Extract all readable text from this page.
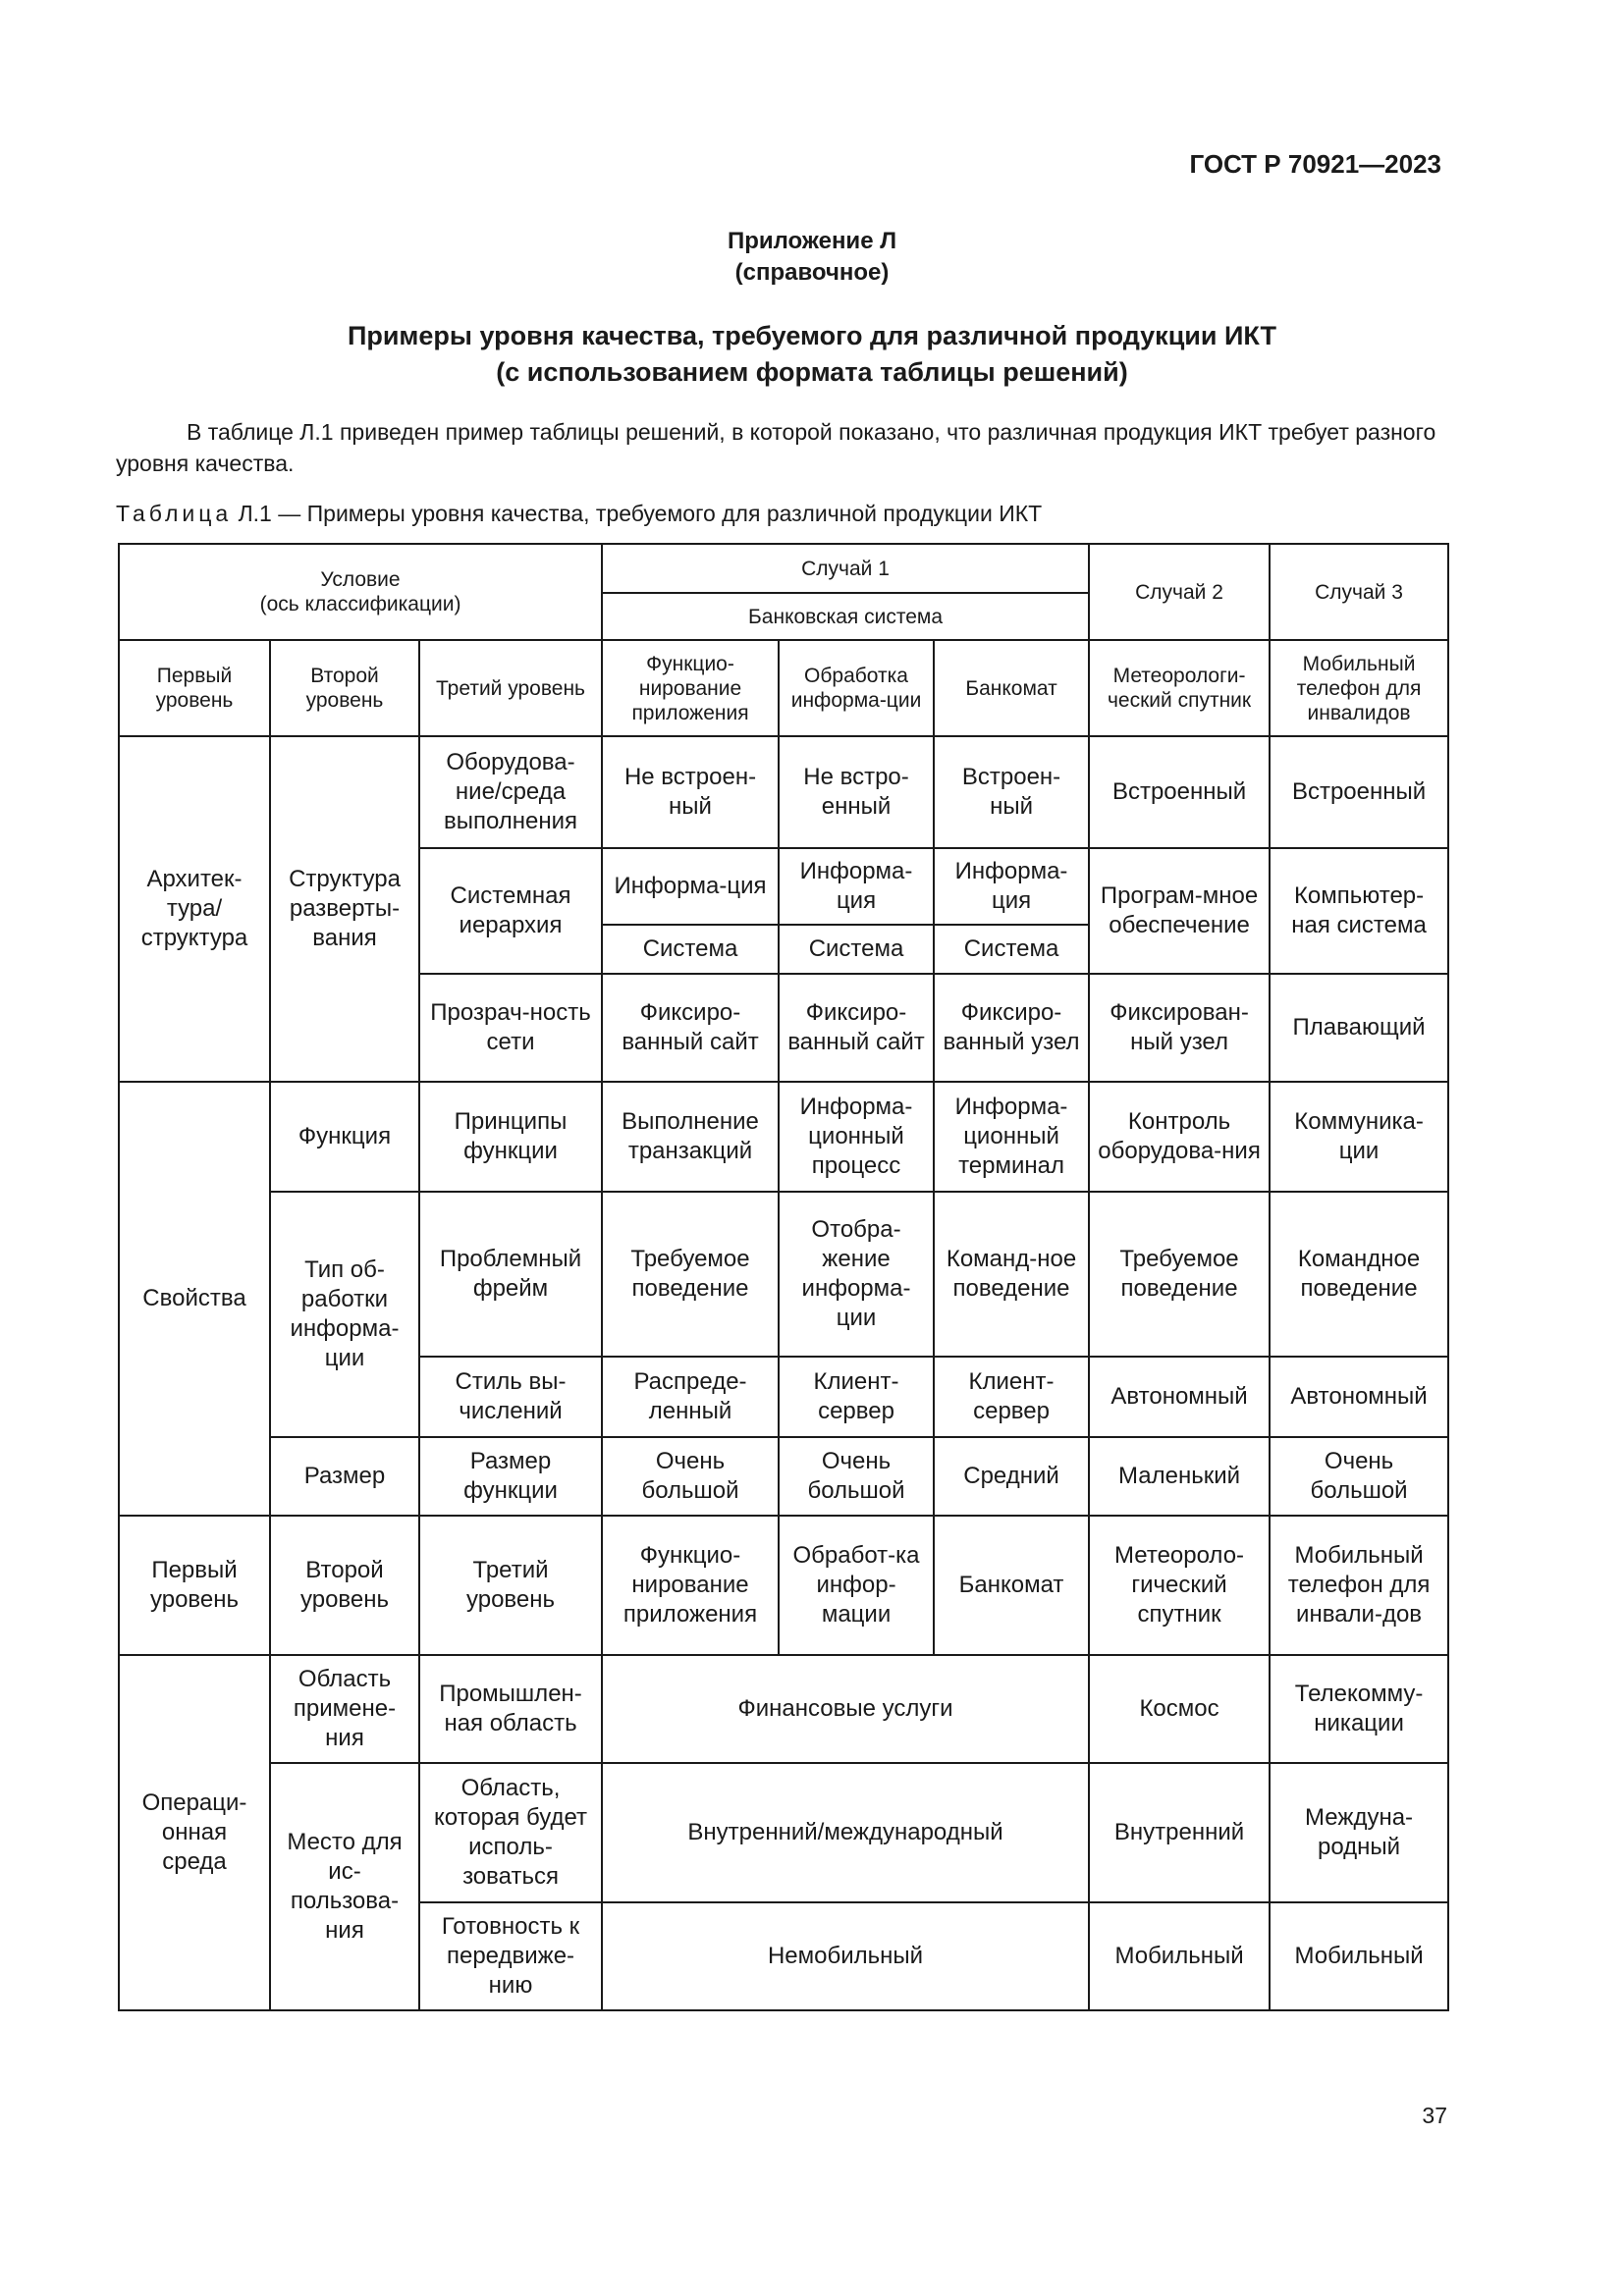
ГОСТ Р 70921—2023
Приложение Л
(справочное)
Примеры уровня качества, требуемого для различной продукции ИКТ
(с использованием формата таблицы решений)
В таблице Л.1 приведен пример таблицы решений, в которой показано, что различная продукция ИКТ требует разного уровня качества.
Таблица Л.1 — Примеры уровня качества, требуемого для различной продукции ИКТ
Условие
(ось классификации)			Случай 1			Случай 2	Случай 3
			Банковская система				
Первый уровень	Второй уровень	Третий уровень	Функцио-нирование приложения	Обработка информа-ции	Банкомат	Метеорологи-ческий спутник	Мобильный телефон для инвалидов
Архитек-тура/ структура	Структура разверты-вания	Оборудова-ние/среда выполнения	Не встроен-ный	Не встро-енный	Встроен-ный	Встроенный	Встроенный
		Системная иерархия	Информа-ция	Информа-ция	Информа-ция	Програм-мное обеспечение	Компьютер-ная система
			Система	Система	Система		
		Прозрач-ность сети	Фиксиро-ванный сайт	Фиксиро-ванный сайт	Фиксиро-ванный узел	Фиксирован-ный узел	Плавающий
Свойства	Функция	Принципы функции	Выполнение транзакций	Информа-ционный процесс	Информа-ционный терминал	Контроль оборудова-ния	Коммуника-ции
	Тип об-работки информа-ции	Проблемный фрейм	Требуемое поведение	Отобра-жение информа-ции	Команд-ное поведение	Требуемое поведение	Командное поведение
		Стиль вы-числений	Распреде-ленный	Клиент-сервер	Клиент-сервер	Автономный	Автономный
	Размер	Размер функции	Очень большой	Очень большой	Средний	Маленький	Очень большой
Первый уровень	Второй уровень	Третий уровень	Функцио-нирование приложения	Обработ-ка инфор-мации	Банкомат	Метеороло-гический спутник	Мобильный телефон для инвали-дов
Операци-онная среда	Область примене-ния	Промышлен-ная область	Финансовые услуги			Космос	Телекомму-никации
	Место для ис-пользова-ния	Область, которая будет исполь-зоваться	Внутренний/международный			Внутренний	Междуна-родный
		Готовность к передвиже-нию	Немобильный			Мобильный	Мобильный
37
